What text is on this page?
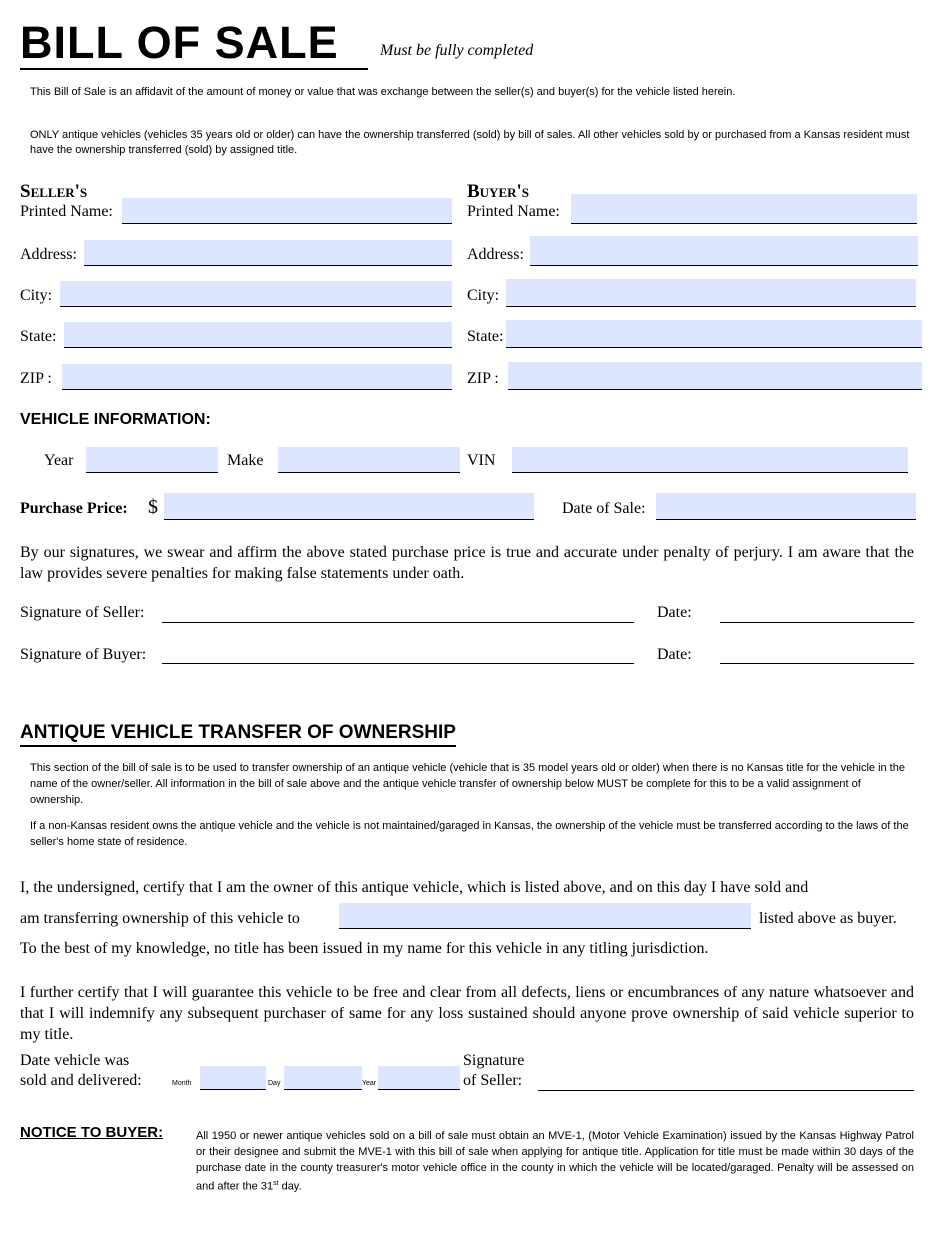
BILL OF SALE	Must be fully completed
This Bill of Sale is an affidavit of the amount of money or value that was exchange between the seller(s) and buyer(s) for the vehicle listed herein.
ONLY antique vehicles (vehicles 35 years old or older) can have the ownership transferred (sold) by bill of sales. All other vehicles sold by or purchased from a Kansas resident must have the ownership transferred (sold) by assigned title.
Seller's
Printed Name:
Address:
City:
State:
ZIP :
Buyer's
Printed Name:
Address:
City:
State:
ZIP :
VEHICLE INFORMATION:
Year	Make	VIN
Purchase Price: $	Date of Sale:
By our signatures, we swear and affirm the above stated purchase price is true and accurate under penalty of perjury. I am aware that the law provides severe penalties for making false statements under oath.
Signature of Seller:	Date:
Signature of Buyer:	Date:
ANTIQUE VEHICLE TRANSFER OF OWNERSHIP
This section of the bill of sale is to be used to transfer ownership of an antique vehicle (vehicle that is 35 model years old or older) when there is no Kansas title for the vehicle in the name of the owner/seller. All information in the bill of sale above and the antique vehicle transfer of ownership below MUST be complete for this to be a valid assignment of ownership.
If a non-Kansas resident owns the antique vehicle and the vehicle is not maintained/garaged in Kansas, the ownership of the vehicle must be transferred according to the laws of the seller's home state of residence.
I, the undersigned, certify that I am the owner of this antique vehicle, which is listed above, and on this day I have sold and
am transferring ownership of this vehicle to	listed above as buyer.
To the best of my knowledge, no title has been issued in my name for this vehicle in any titling jurisdiction.
I further certify that I will guarantee this vehicle to be free and clear from all defects, liens or encumbrances of any nature whatsoever and that I will indemnify any subsequent purchaser of same for any loss sustained should anyone prove ownership of said vehicle superior to my title.
Date vehicle was
sold and delivered:	Month	Day	Year
Signature
of Seller:
NOTICE TO BUYER:	All 1950 or newer antique vehicles sold on a bill of sale must obtain an MVE-1, (Motor Vehicle Examination) issued by the Kansas Highway Patrol or their designee and submit the MVE-1 with this bill of sale when applying for antique title. Application for title must be made within 30 days of the purchase date in the county treasurer's motor vehicle office in the county in which the vehicle will be located/garaged. Penalty will be assessed on and after the 31st day.
